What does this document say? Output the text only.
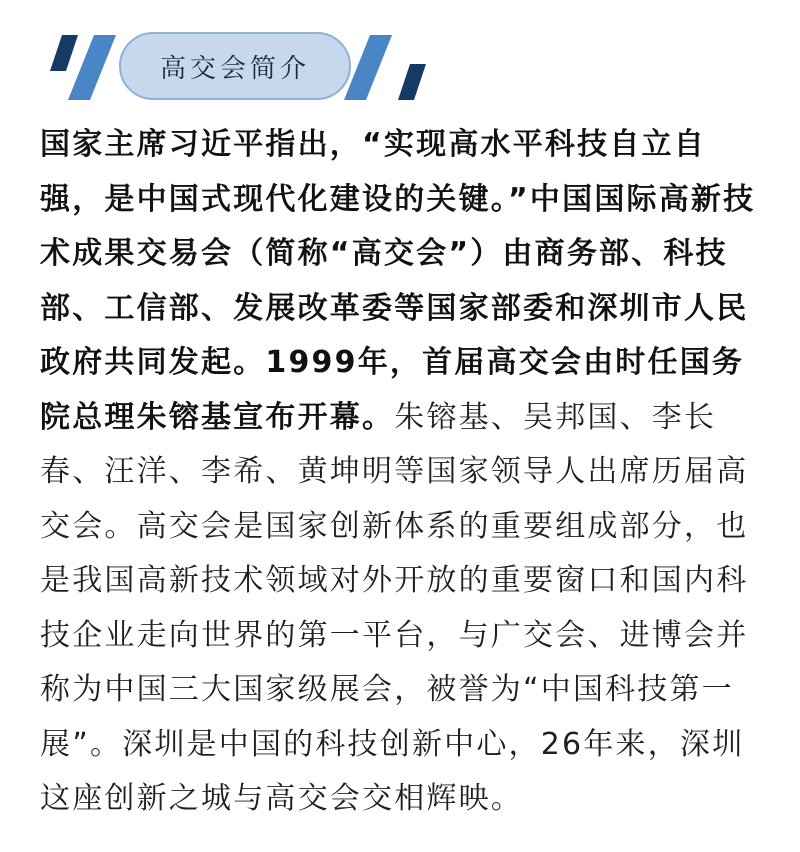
高交会简介
国家主席习近平指出，“实现高水平科技自立自强，是中国式现代化建设的关键。”中国国际高新技术成果交易会（简称“高交会”）由商务部、科技部、工信部、发展改革委等国家部委和深圳市人民政府共同发起。1999年，首届高交会由时任国务院总理朱镕基宣布开幕。朱镕基、吴邦国、李长春、汪洋、李希、黄坤明等国家领导人出席历届高交会。高交会是国家创新体系的重要组成部分，也是我国高新技术领域对外开放的重要窗口和国内科技企业走向世界的第一平台，与广交会、进博会并称为中国三大国家级展会，被誉为“中国科技第一展”。深圳是中国的科技创新中心，26年来，深圳这座创新之城与高交会交相辉映。
